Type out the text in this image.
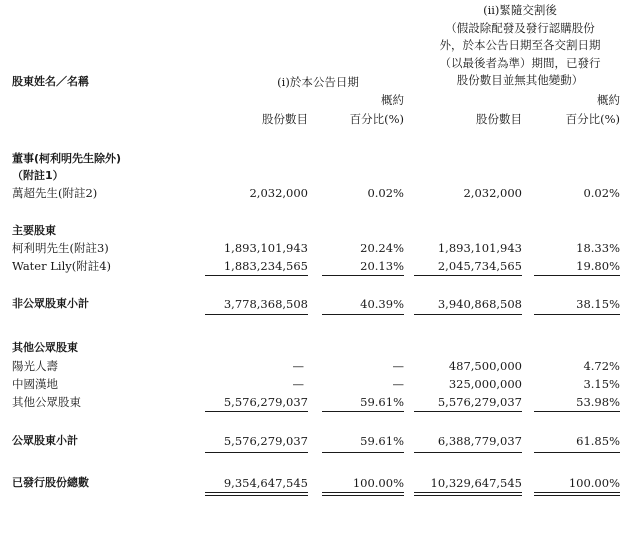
(ii)緊隨交割後
（假設除配發及發行認購股份
外，於本公告日期至各交割日期
（以最後者為準）期間，已發行
股份數目並無其他變動）
股東姓名／名稱	(i)於本公告日期
概約	概約
股份數目	百分比(%)	股份數目	百分比(%)
董事(柯利明先生除外)
（附註1）
萬超先生(附註2)	2,032,000	0.02%	2,032,000	0.02%
主要股東
柯利明先生(附註3)	1,893,101,943	20.24%	1,893,101,943	18.33%
Water Lily(附註4)	1,883,234,565	20.13%	2,045,734,565	19.80%
非公眾股東小計	3,778,368,508	40.39%	3,940,868,508	38.15%
其他公眾股東
陽光人壽	—	—	487,500,000	4.72%
中國漢地	—	—	325,000,000	3.15%
其他公眾股東	5,576,279,037	59.61%	5,576,279,037	53.98%
公眾股東小計	5,576,279,037	59.61%	6,388,779,037	61.85%
已發行股份總數	9,354,647,545	100.00%	10,329,647,545	100.00%
